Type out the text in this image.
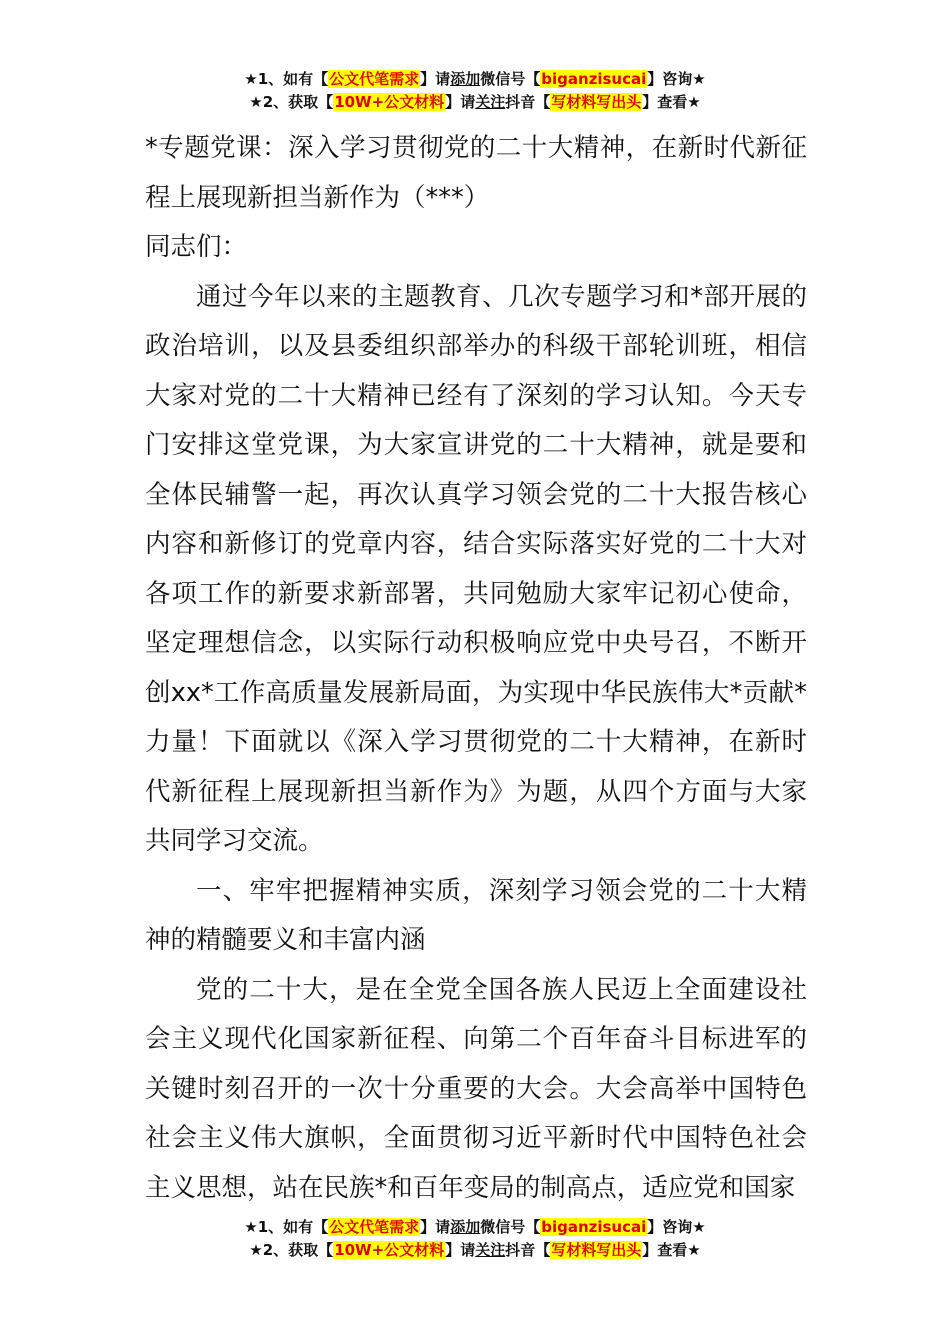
★1、如有【公文代笔需求】请添加微信号【biganzisucai】咨询★
★2、获取【10W+公文材料】请关注抖音【写材料写出头】查看★

*专题党课：深入学习贯彻党的二十大精神，在新时代新征程上展现新担当新作为（***）

同志们：

通过今年以来的主题教育、几次专题学习和*部开展的政治培训，以及县委组织部举办的科级干部轮训班，相信大家对党的二十大精神已经有了深刻的学习认知。今天专门安排这堂党课，为大家宣讲党的二十大精神，就是要和全体民辅警一起，再次认真学习领会党的二十大报告核心内容和新修订的党章内容，结合实际落实好党的二十大对各项工作的新要求新部署，共同勉励大家牢记初心使命，坚定理想信念，以实际行动积极响应党中央号召，不断开创xx*工作高质量发展新局面，为实现中华民族伟大*贡献*力量！下面就以《深入学习贯彻党的二十大精神，在新时代新征程上展现新担当新作为》为题，从四个方面与大家共同学习交流。

一、牢牢把握精神实质，深刻学习领会党的二十大精神的精髓要义和丰富内涵

党的二十大，是在全党全国各族人民迈上全面建设社会主义现代化国家新征程、向第二个百年奋斗目标进军的关键时刻召开的一次十分重要的大会。大会高举中国特色社会主义伟大旗帜，全面贯彻习近平新时代中国特色社会主义思想，站在民族*和百年变局的制高点，适应党和国家

★1、如有【公文代笔需求】请添加微信号【biganzisucai】咨询★
★2、获取【10W+公文材料】请关注抖音【写材料写出头】查看★
